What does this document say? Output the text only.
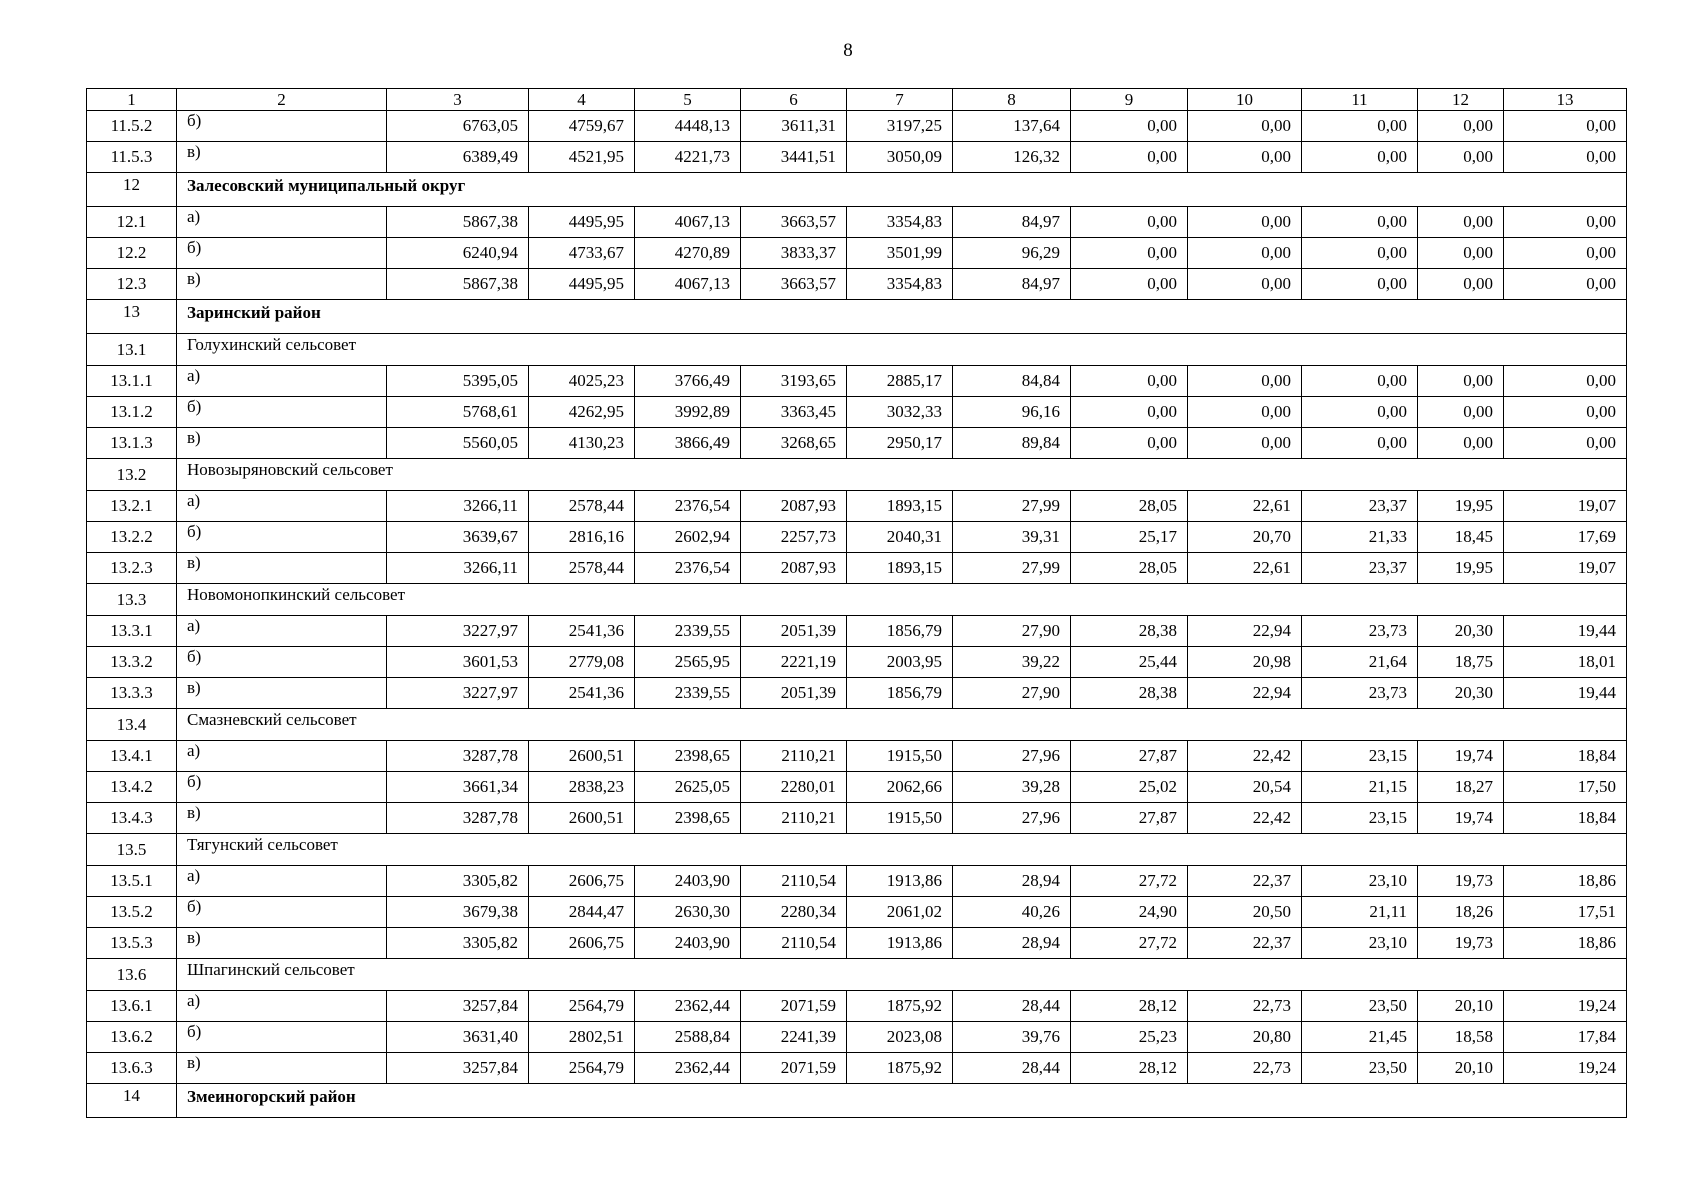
8
1	2	3	4	5	6	7	8	9	10	11	12	13
11.5.2	б)	6763,05	4759,67	4448,13	3611,31	3197,25	137,64	0,00	0,00	0,00	0,00	0,00
11.5.3	в)	6389,49	4521,95	4221,73	3441,51	3050,09	126,32	0,00	0,00	0,00	0,00	0,00
12	Залесовский муниципальный округ											
12.1	а)	5867,38	4495,95	4067,13	3663,57	3354,83	84,97	0,00	0,00	0,00	0,00	0,00
12.2	б)	6240,94	4733,67	4270,89	3833,37	3501,99	96,29	0,00	0,00	0,00	0,00	0,00
12.3	в)	5867,38	4495,95	4067,13	3663,57	3354,83	84,97	0,00	0,00	0,00	0,00	0,00
13	Заринский район											
13.1	Голухинский сельсовет											
13.1.1	а)	5395,05	4025,23	3766,49	3193,65	2885,17	84,84	0,00	0,00	0,00	0,00	0,00
13.1.2	б)	5768,61	4262,95	3992,89	3363,45	3032,33	96,16	0,00	0,00	0,00	0,00	0,00
13.1.3	в)	5560,05	4130,23	3866,49	3268,65	2950,17	89,84	0,00	0,00	0,00	0,00	0,00
13.2	Новозыряновский сельсовет											
13.2.1	а)	3266,11	2578,44	2376,54	2087,93	1893,15	27,99	28,05	22,61	23,37	19,95	19,07
13.2.2	б)	3639,67	2816,16	2602,94	2257,73	2040,31	39,31	25,17	20,70	21,33	18,45	17,69
13.2.3	в)	3266,11	2578,44	2376,54	2087,93	1893,15	27,99	28,05	22,61	23,37	19,95	19,07
13.3	Новомонопкинский сельсовет											
13.3.1	а)	3227,97	2541,36	2339,55	2051,39	1856,79	27,90	28,38	22,94	23,73	20,30	19,44
13.3.2	б)	3601,53	2779,08	2565,95	2221,19	2003,95	39,22	25,44	20,98	21,64	18,75	18,01
13.3.3	в)	3227,97	2541,36	2339,55	2051,39	1856,79	27,90	28,38	22,94	23,73	20,30	19,44
13.4	Смазневский сельсовет											
13.4.1	а)	3287,78	2600,51	2398,65	2110,21	1915,50	27,96	27,87	22,42	23,15	19,74	18,84
13.4.2	б)	3661,34	2838,23	2625,05	2280,01	2062,66	39,28	25,02	20,54	21,15	18,27	17,50
13.4.3	в)	3287,78	2600,51	2398,65	2110,21	1915,50	27,96	27,87	22,42	23,15	19,74	18,84
13.5	Тягунский сельсовет											
13.5.1	а)	3305,82	2606,75	2403,90	2110,54	1913,86	28,94	27,72	22,37	23,10	19,73	18,86
13.5.2	б)	3679,38	2844,47	2630,30	2280,34	2061,02	40,26	24,90	20,50	21,11	18,26	17,51
13.5.3	в)	3305,82	2606,75	2403,90	2110,54	1913,86	28,94	27,72	22,37	23,10	19,73	18,86
13.6	Шпагинский сельсовет											
13.6.1	а)	3257,84	2564,79	2362,44	2071,59	1875,92	28,44	28,12	22,73	23,50	20,10	19,24
13.6.2	б)	3631,40	2802,51	2588,84	2241,39	2023,08	39,76	25,23	20,80	21,45	18,58	17,84
13.6.3	в)	3257,84	2564,79	2362,44	2071,59	1875,92	28,44	28,12	22,73	23,50	20,10	19,24
14	Змеиногорский район											
